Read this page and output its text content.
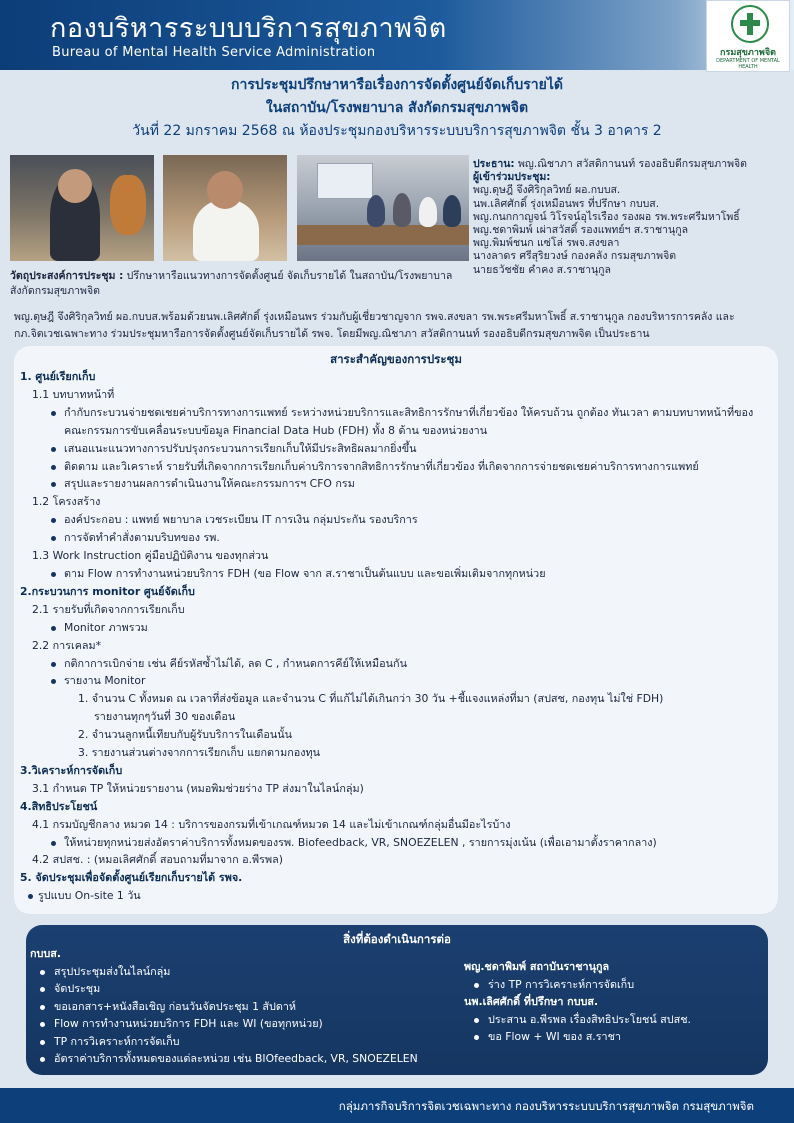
กองบริหารระบบบริการสุขภาพจิต
Bureau of Mental Health Service Administration	กรมสุขภาพจิต
DEPARTMENT OF MENTAL HEALTH
การประชุมปรึกษาหารือเรื่องการจัดตั้งศูนย์จัดเก็บรายได้
ในสถาบัน/โรงพยาบาล สังกัดกรมสุขภาพจิต
วันที่ 22 มกราคม 2568 ณ ห้องประชุมกองบริหารระบบบริการสุขภาพจิต ชั้น 3 อาคาร 2
วัตถุประสงค์การประชุม : ปรึกษาหารือแนวทางการจัดตั้งศูนย์ จัดเก็บรายได้ ในสถาบัน/โรงพยาบาล สังกัดกรมสุขภาพจิต
ประธาน: พญ.ณิชาภา สวัสดิกานนท์ รองอธิบดีกรมสุขภาพจิต
ผู้เข้าร่วมประชุม:
พญ.ดุษฎี จึงศิริกุลวิทย์ ผอ.กบบส.
นพ.เลิศศักดิ์ รุ่งเหมือนพร ที่ปรึกษา กบบส.
พญ.กนกกาญจน์ วิโรจน์อุไรเรือง รองผอ รพ.พระศรีมหาโพธิ์
พญ.ชดาพิมพ์ เผ่าสวัสดิ์ รองแพทย์ฯ ส.ราชานุกูล
พญ.พิมพ์ชนก แซ่โล่ รพจ.สงขลา
นางลาดร ศรีสุริยวงษ์ กองคลัง กรมสุขภาพจิต
นายธวัชชัย คำคง ส.ราชานุกูล
พญ.ดุษฎี จึงศิริกุลวิทย์ ผอ.กบบส.พร้อมด้วยนพ.เลิศศักดิ์ รุ่งเหมือนพร ร่วมกับผู้เชี่ยวชาญจาก รพจ.สงขลา รพ.พระศรีมหาโพธิ์ ส.ราชานุกูล กองบริหารการคลัง และ กภ.จิตเวชเฉพาะทาง ร่วมประชุมหารือการจัดตั้งศูนย์จัดเก็บรายได้ รพจ. โดยมีพญ.ณิชาภา สวัสดิกานนท์ รองอธิบดีกรมสุขภาพจิต เป็นประธาน
สาระสำคัญของการประชุม
1. ศูนย์เรียกเก็บ
1.1 บทบาทหน้าที่
กำกับกระบวนจ่ายชดเชยค่าบริการทางการแพทย์ ระหว่างหน่วยบริการและสิทธิการรักษาที่เกี่ยวข้อง ให้ครบถ้วน ถูกต้อง ทันเวลา ตามบทบาทหน้าที่ของคณะกรรมการขับเคลื่อนระบบข้อมูล Financial Data Hub (FDH) ทั้ง 8 ด้าน ของหน่วยงาน
เสนอแนะแนวทางการปรับปรุงกระบวนการเรียกเก็บให้มีประสิทธิผลมากยิ่งขึ้น
ติดตาม และวิเคราะห์ รายรับที่เกิดจากการเรียกเก็บค่าบริการจากสิทธิการรักษาที่เกี่ยวข้อง ที่เกิดจากการจ่ายชดเชยค่าบริการทางการแพทย์
สรุปและรายงานผลการดำเนินงานให้คณะกรรมการฯ CFO กรม
1.2 โครงสร้าง
องค์ประกอบ : แพทย์ พยาบาล เวชระเบียน IT การเงิน กลุ่มประกัน รองบริการ
การจัดทำคำสั่งตามบริบทของ รพ.
1.3 Work Instruction คู่มือปฏิบัติงาน ของทุกส่วน
ตาม Flow การทำงานหน่วยบริการ FDH (ขอ Flow จาก ส.ราชาเป็นต้นแบบ และขอเพิ่มเติมจากทุกหน่วย
2.กระบวนการ monitor ศูนย์จัดเก็บ
2.1 รายรับที่เกิดจากการเรียกเก็บ
Monitor ภาพรวม
2.2 การเคลม*
กติกาการเบิกจ่าย เช่น คีย์รหัสซ้ำไม่ได้, ลด C , กำหนดการคีย์ให้เหมือนกัน
รายงาน Monitor
1. จำนวน C ทั้งหมด ณ เวลาที่ส่งข้อมูล และจำนวน C ที่แก้ไม่ได้เกินกว่า 30 วัน +ชี้แจงแหล่งที่มา (สปสช, กองทุน ไม่ใช่ FDH)
รายงานทุกๆวันที่ 30 ของเดือน
2. จำนวนลูกหนี้เทียบกับผู้รับบริการในเดือนนั้น
3. รายงานส่วนต่างจากการเรียกเก็บ แยกตามกองทุน
3.วิเคราะห์การจัดเก็บ
3.1 กำหนด TP ให้หน่วยรายงาน (หมอพิมช่วยร่าง TP ส่งมาในไลน์กลุ่ม)
4.สิทธิประโยชน์
4.1 กรมบัญชีกลาง หมวด 14 : บริการของกรมที่เข้าเกณฑ์หมวด 14 และไม่เข้าเกณฑ์กลุ่มอื่นมีอะไรบ้าง
ให้หน่วยทุกหน่วยส่งอัตราค่าบริการทั้งหมดของรพ. Biofeedback, VR, SNOEZELEN , รายการมุ่งเน้น (เพื่อเอามาตั้งราคากลาง)
4.2 สปสช. : (หมอเลิศศักดิ์ สอบถามที่มาจาก อ.พีรพล)
5. จัดประชุมเพื่อจัดตั้งศูนย์เรียกเก็บรายได้ รพจ.
รูปแบบ On-site 1 วัน
สิ่งที่ต้องดำเนินการต่อ
กบบส.
สรุปประชุมส่งในไลน์กลุ่ม
จัดประชุม
ขอเอกสาร+หนังสือเชิญ ก่อนวันจัดประชุม 1 สัปดาห์
Flow การทำงานหน่วยบริการ FDH และ WI (ขอทุกหน่วย)
TP การวิเคราะห์การจัดเก็บ
อัตราค่าบริการทั้งหมดของแต่ละหน่วย เช่น BIOfeedback, VR, SNOEZELEN
พญ.ชดาพิมพ์ สถาบันราชานุกูล
ร่าง TP การวิเคราะห์การจัดเก็บ
นพ.เลิศศักดิ์ ที่ปรึกษา กบบส.
ประสาน อ.พีรพล เรื่องสิทธิประโยชน์ สปสช.
ขอ Flow + WI ของ ส.ราชา
กลุ่มภารกิจบริการจิตเวชเฉพาะทาง กองบริหารระบบบริการสุขภาพจิต กรมสุขภาพจิต
